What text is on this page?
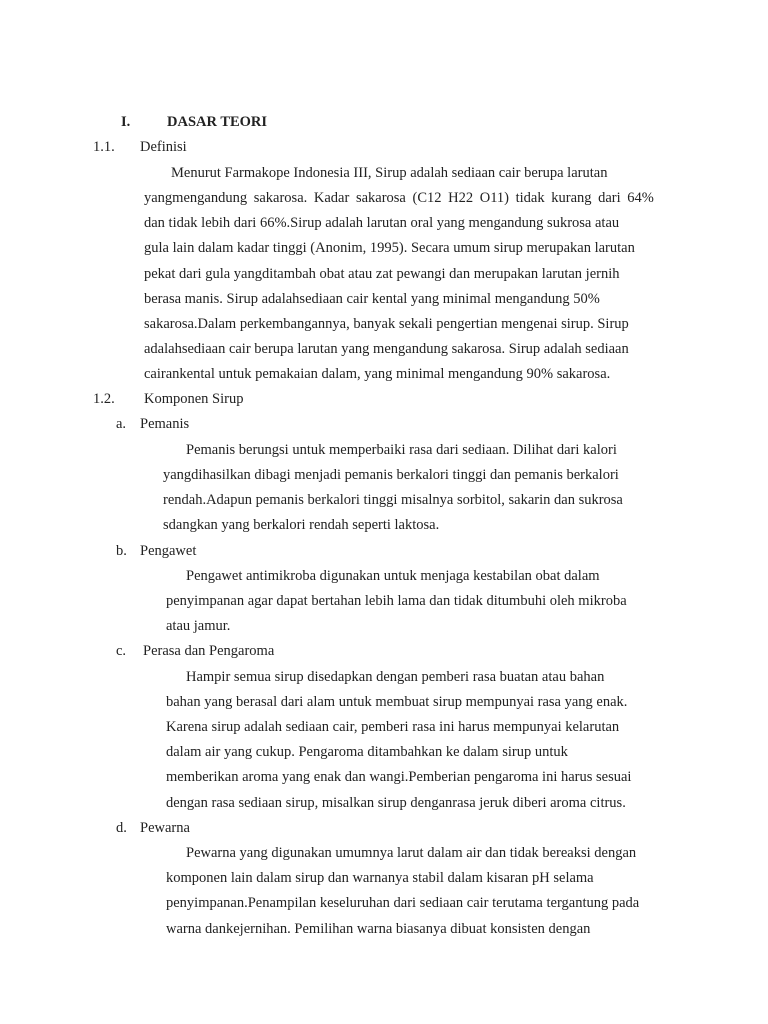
I.	DASAR TEORI
1.1. Definisi
Menurut Farmakope Indonesia III, Sirup adalah sediaan cair berupa larutan
yangmengandung sakarosa. Kadar sakarosa (C12 H22 O11) tidak kurang dari 64%
dan tidak lebih dari 66%.Sirup adalah larutan oral yang mengandung sukrosa atau
gula lain dalam kadar tinggi (Anonim, 1995). Secara umum sirup merupakan larutan
pekat dari gula yangditambah obat atau zat pewangi dan merupakan larutan jernih
berasa manis. Sirup adalahsediaan cair kental yang minimal mengandung 50%
sakarosa.Dalam perkembangannya, banyak sekali pengertian mengenai sirup. Sirup
adalahsediaan cair berupa larutan yang mengandung sakarosa. Sirup adalah sediaan
cairankental untuk pemakaian dalam, yang minimal mengandung 90% sakarosa.
1.2. Komponen Sirup
a. Pemanis
Pemanis berungsi untuk memperbaiki rasa dari sediaan. Dilihat dari kalori
yangdihasilkan dibagi menjadi pemanis berkalori tinggi dan pemanis berkalori
rendah.Adapun pemanis berkalori tinggi misalnya sorbitol, sakarin dan sukrosa
sdangkan yang berkalori rendah seperti laktosa.
b. Pengawet
Pengawet antimikroba digunakan untuk menjaga kestabilan obat dalam
penyimpanan agar dapat bertahan lebih lama dan tidak ditumbuhi oleh mikroba
atau jamur.
c. Perasa dan Pengaroma
Hampir semua sirup disedapkan dengan pemberi rasa buatan atau bahan
bahan yang berasal dari alam untuk membuat sirup mempunyai rasa yang enak.
Karena sirup adalah sediaan cair, pemberi rasa ini harus mempunyai kelarutan
dalam air yang cukup. Pengaroma ditambahkan ke dalam sirup untuk
memberikan aroma yang enak dan wangi.Pemberian pengaroma ini harus sesuai
dengan rasa sediaan sirup, misalkan sirup denganrasa jeruk diberi aroma citrus.
d. Pewarna
Pewarna yang digunakan umumnya larut dalam air dan tidak bereaksi dengan
komponen lain dalam sirup dan warnanya stabil dalam kisaran pH selama
penyimpanan.Penampilan keseluruhan dari sediaan cair terutama tergantung pada
warna dankejernihan. Pemilihan warna biasanya dibuat konsisten dengan
